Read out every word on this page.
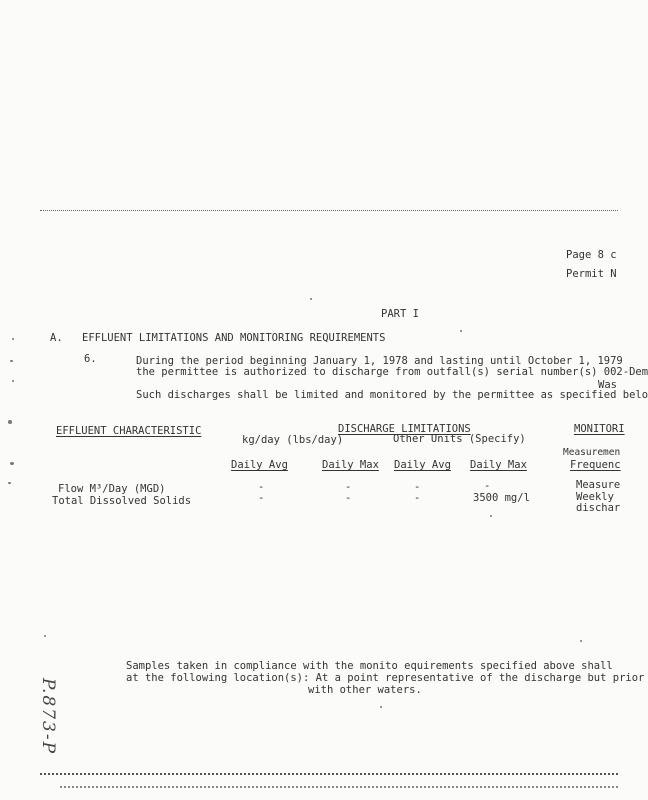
Page 8 c
Permit N
PART I
A. EFFLUENT LIMITATIONS AND MONITORING REQUIREMENTS
6.	During the period beginning January 1, 1978 and lasting until October 1, 1979
the permittee is authorized to discharge from outfall(s) serial number(s) 002-Dem
Was
Such discharges shall be limited and monitored by the permittee as specified belo
EFFLUENT CHARACTERISTIC	DISCHARGE LIMITATIONS	MONITORI
kg/day (lbs/day)	Other Units (Specify)
Measuremen
Daily Avg	Daily Max Daily Avg Daily Max	Frequenc
Flow M³/Day (MGD)	-	-	-	-	Measure
Total Dissolved Solids	-	-	-	3500 mg/l	Weekly
dischar
Samples taken in compliance with the monito equirements specified above shall
at the following location(s): At a point representative of the discharge but prior
with other waters.
P.873-P
